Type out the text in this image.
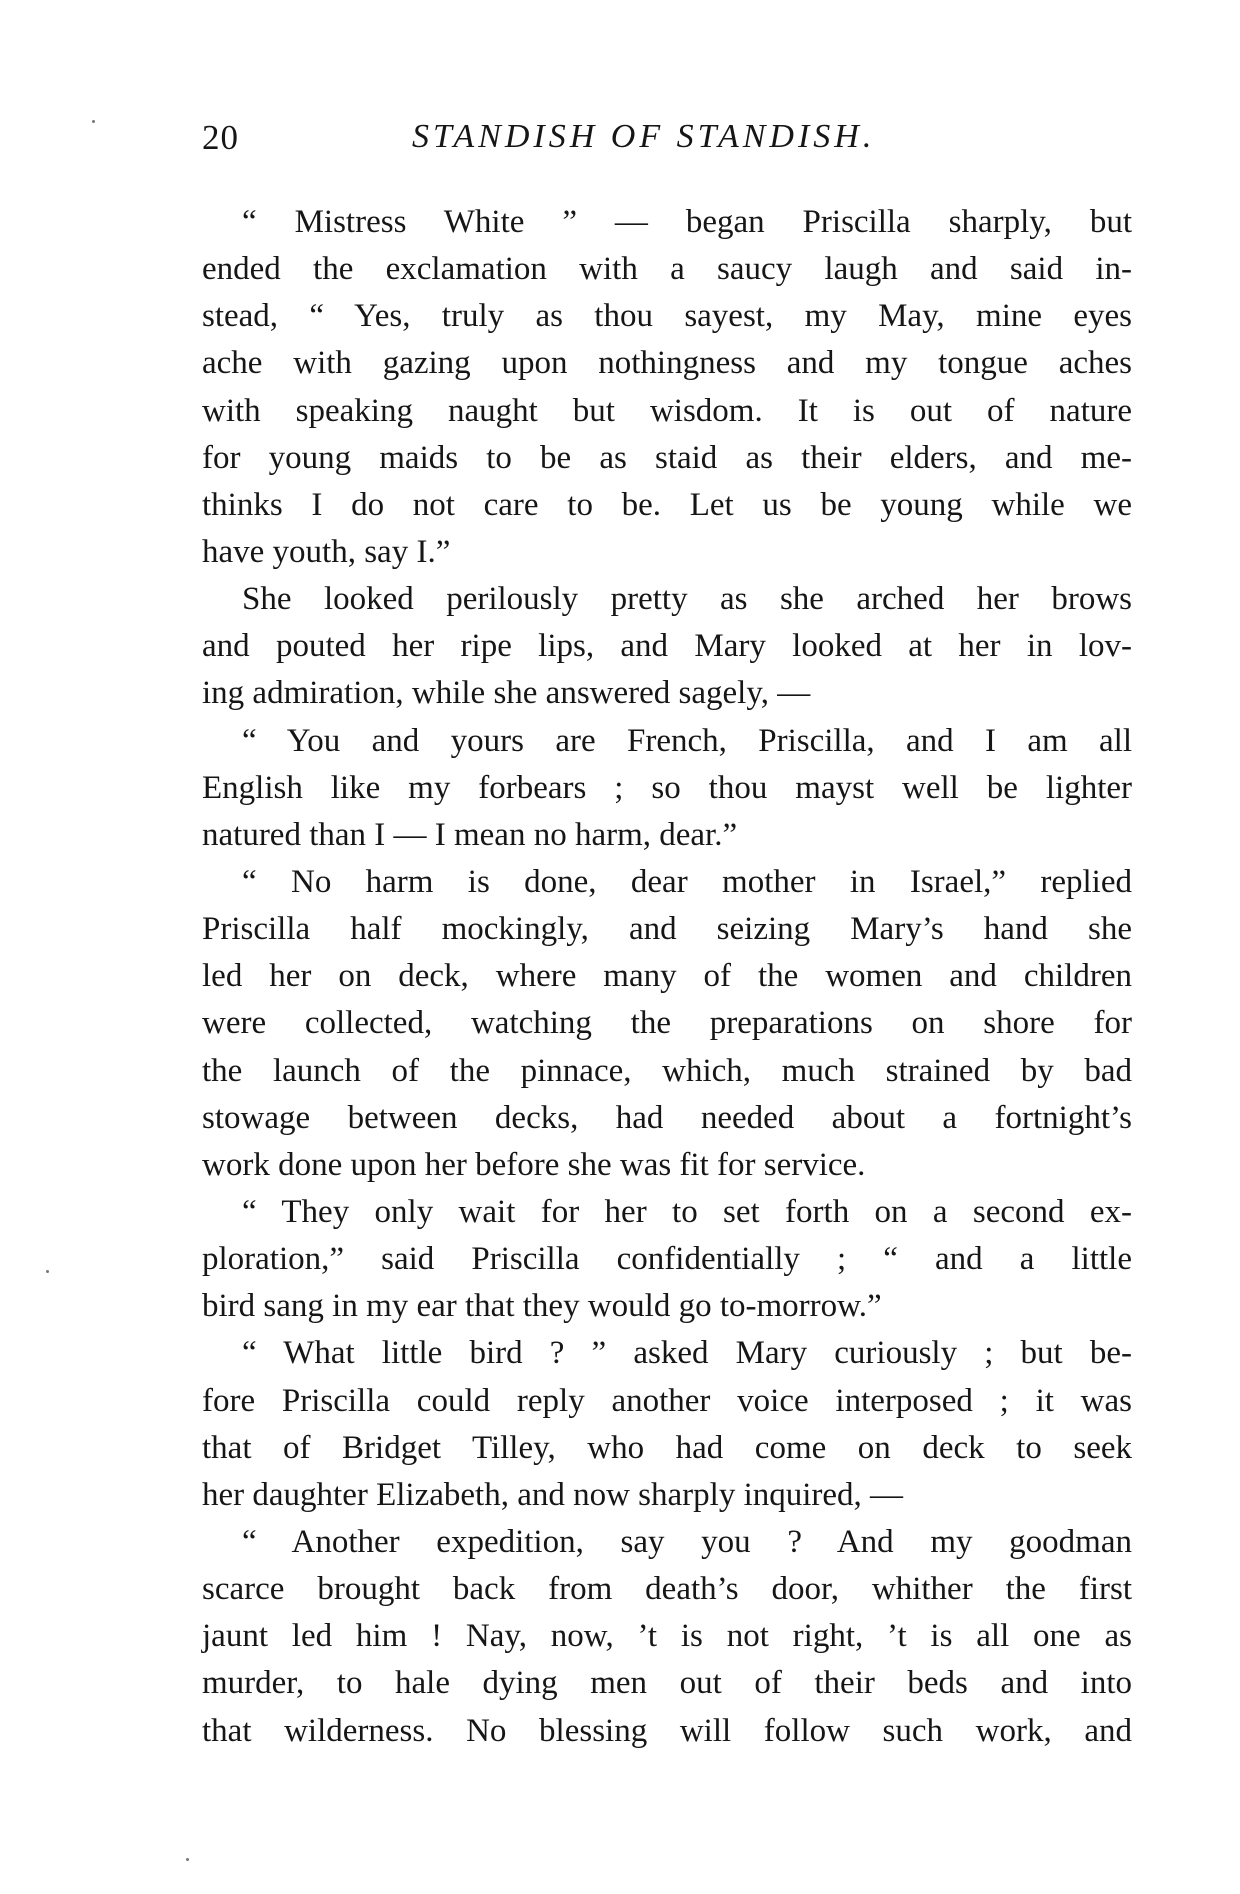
20	STANDISH OF STANDISH.
“ Mistress White ” — began Priscilla sharply, but
ended the exclamation with a saucy laugh and said in-
stead, “ Yes, truly as thou sayest, my May, mine eyes
ache with gazing upon nothingness and my tongue aches
with speaking naught but wisdom. It is out of nature
for young maids to be as staid as their elders, and me-
thinks I do not care to be. Let us be young while we
have youth, say I.”
She looked perilously pretty as she arched her brows
and pouted her ripe lips, and Mary looked at her in lov-
ing admiration, while she answered sagely, —
“ You and yours are French, Priscilla, and I am all
English like my forbears ; so thou mayst well be lighter
natured than I — I mean no harm, dear.”
“ No harm is done, dear mother in Israel,” replied
Priscilla half mockingly, and seizing Mary’s hand she
led her on deck, where many of the women and children
were collected, watching the preparations on shore for
the launch of the pinnace, which, much strained by bad
stowage between decks, had needed about a fortnight’s
work done upon her before she was fit for service.
“ They only wait for her to set forth on a second ex-
ploration,” said Priscilla confidentially ; “ and a little
bird sang in my ear that they would go to-morrow.”
“ What little bird ? ” asked Mary curiously ; but be-
fore Priscilla could reply another voice interposed ; it was
that of Bridget Tilley, who had come on deck to seek
her daughter Elizabeth, and now sharply inquired, —
“ Another expedition, say you ? And my goodman
scarce brought back from death’s door, whither the first
jaunt led him ! Nay, now, ’t is not right, ’t is all one as
murder, to hale dying men out of their beds and into
that wilderness. No blessing will follow such work, and
